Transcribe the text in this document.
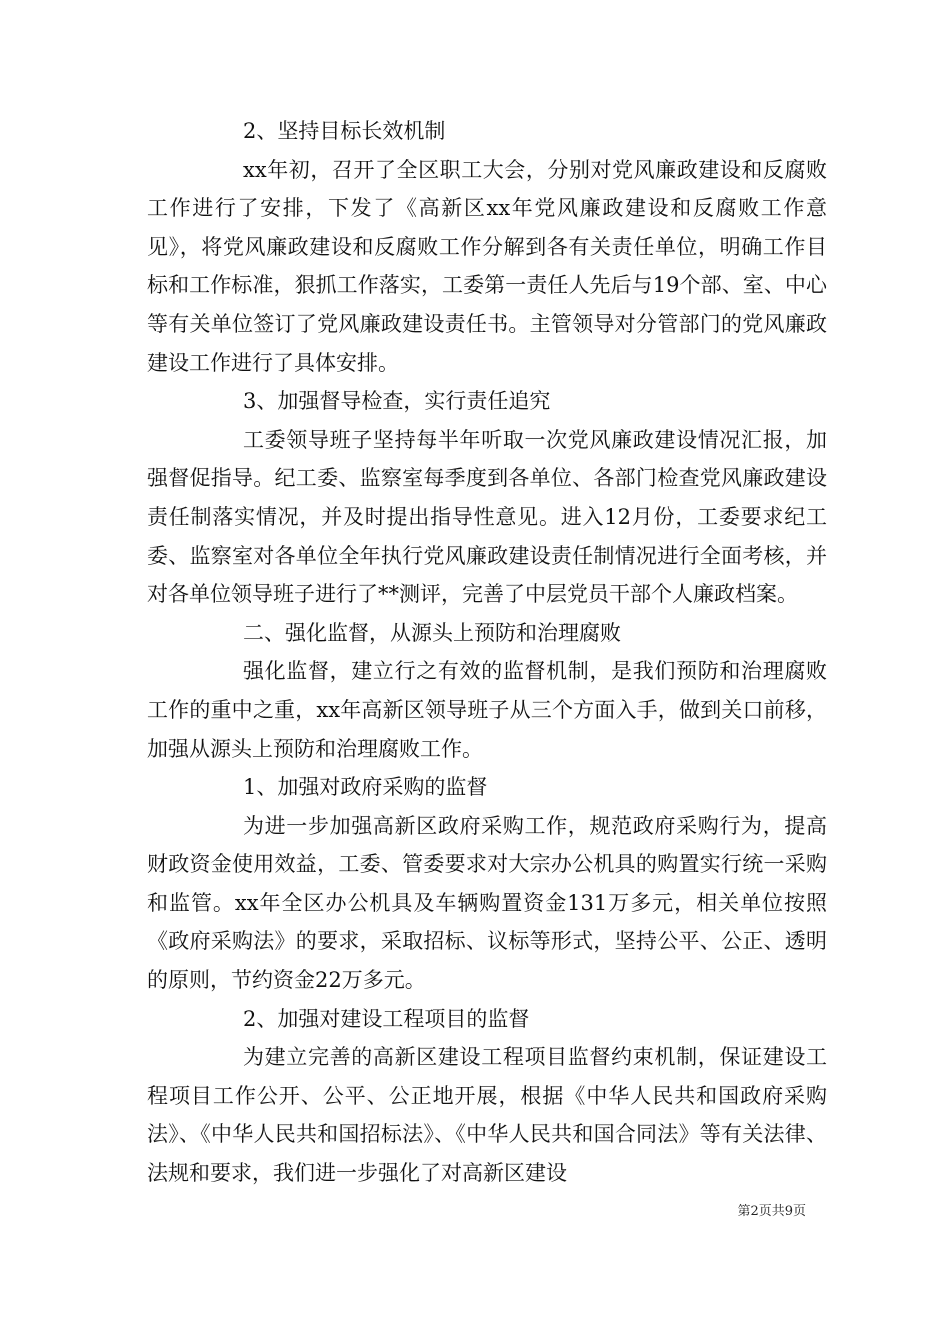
2、坚持目标长效机制

xx年初，召开了全区职工大会，分别对党风廉政建设和反腐败工作进行了安排，下发了《高新区xx年党风廉政建设和反腐败工作意见》，将党风廉政建设和反腐败工作分解到各有关责任单位，明确工作目标和工作标准，狠抓工作落实，工委第一责任人先后与19个部、室、中心等有关单位签订了党风廉政建设责任书。主管领导对分管部门的党风廉政建设工作进行了具体安排。

3、加强督导检查，实行责任追究

工委领导班子坚持每半年听取一次党风廉政建设情况汇报，加强督促指导。纪工委、监察室每季度到各单位、各部门检查党风廉政建设责任制落实情况，并及时提出指导性意见。进入12月份，工委要求纪工委、监察室对各单位全年执行党风廉政建设责任制情况进行全面考核，并对各单位领导班子进行了**测评，完善了中层党员干部个人廉政档案。

二、强化监督，从源头上预防和治理腐败

强化监督，建立行之有效的监督机制，是我们预防和治理腐败工作的重中之重，xx年高新区领导班子从三个方面入手，做到关口前移，加强从源头上预防和治理腐败工作。

1、加强对政府采购的监督

为进一步加强高新区政府采购工作，规范政府采购行为，提高财政资金使用效益，工委、管委要求对大宗办公机具的购置实行统一采购和监管。xx年全区办公机具及车辆购置资金131万多元，相关单位按照《政府采购法》的要求，采取招标、议标等形式，坚持公平、公正、透明的原则，节约资金22万多元。

2、加强对建设工程项目的监督

为建立完善的高新区建设工程项目监督约束机制，保证建设工程项目工作公开、公平、公正地开展，根据《中华人民共和国政府采购法》、《中华人民共和国招标法》、《中华人民共和国合同法》等有关法律、法规和要求，我们进一步强化了对高新区建设

第2页共9页
